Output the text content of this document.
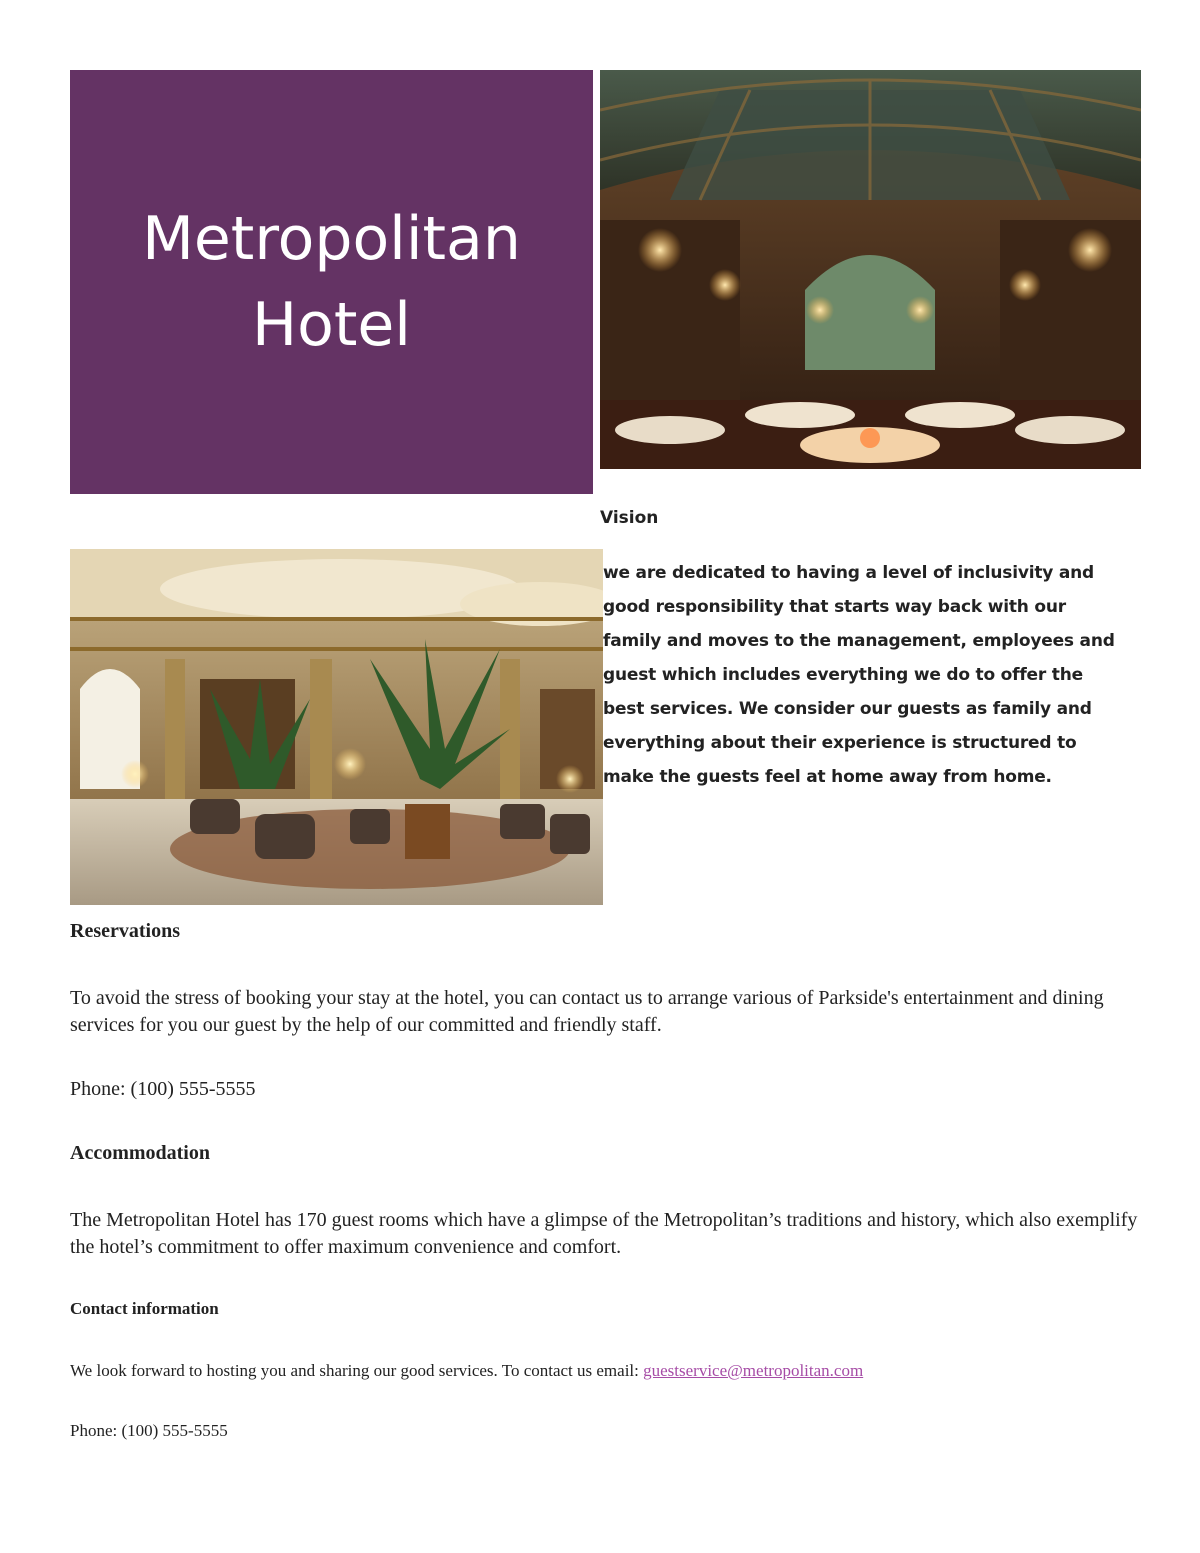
Metropolitan
Hotel
Vision

we are dedicated to having a level of inclusivity and good responsibility that starts way back with our family and moves to the management, employees and guest which includes everything we do to offer the best services. We consider our guests as family and everything about their experience is structured to make the guests feel at home away from home.

Reservations

To avoid the stress of booking your stay at the hotel, you can contact us to arrange various of Parkside's entertainment and dining services for you our guest by the help of our committed and friendly staff.

Phone: (100) 555-5555

Accommodation

The Metropolitan Hotel has 170 guest rooms which have a glimpse of the Metropolitan’s traditions and history, which also exemplify the hotel’s commitment to offer maximum convenience and comfort.

Contact information

We look forward to hosting you and sharing our good services. To contact us email: guestservice@metropolitan.com

Phone: (100) 555-5555
